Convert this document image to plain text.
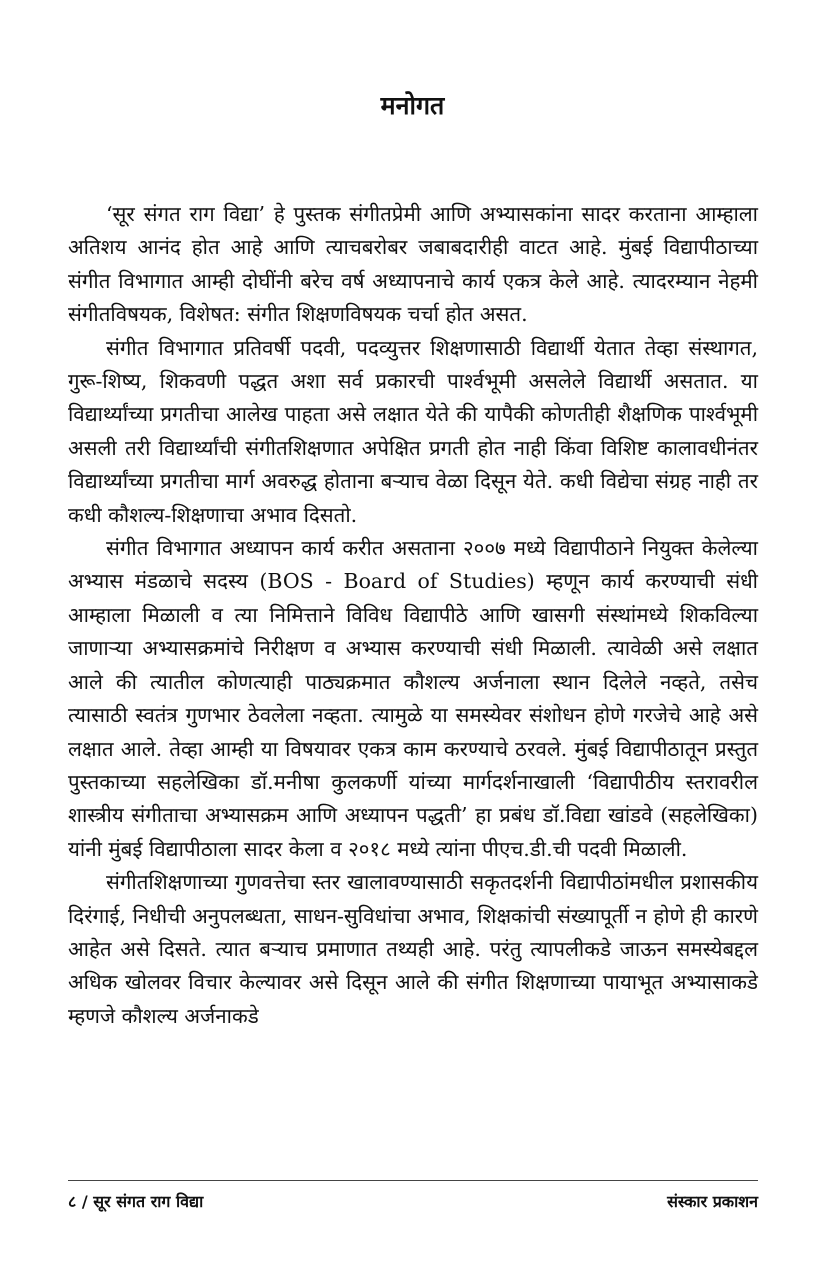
मनोगत

‘सूर संगत राग विद्या’ हे पुस्तक संगीतप्रेमी आणि अभ्यासकांना सादर करताना आम्हाला अतिशय आनंद होत आहे आणि त्याचबरोबर जबाबदारीही वाटत आहे. मुंबई विद्यापीठाच्या संगीत विभागात आम्ही दोघींनी बरेच वर्ष अध्यापनाचे कार्य एकत्र केले आहे. त्यादरम्यान नेहमी संगीतविषयक, विशेषत: संगीत शिक्षणविषयक चर्चा होत असत.

संगीत विभागात प्रतिवर्षी पदवी, पदव्युत्तर शिक्षणासाठी विद्यार्थी येतात तेव्हा संस्थागत, गुरू-शिष्य, शिकवणी पद्धत अशा सर्व प्रकारची पार्श्वभूमी असलेले विद्यार्थी असतात. या विद्यार्थ्यांच्या प्रगतीचा आलेख पाहता असे लक्षात येते की यापैकी कोणतीही शैक्षणिक पार्श्वभूमी असली तरी विद्यार्थ्यांची संगीतशिक्षणात अपेक्षित प्रगती होत नाही किंवा विशिष्ट कालावधीनंतर विद्यार्थ्यांच्या प्रगतीचा मार्ग अवरुद्ध होताना बऱ्याच वेळा दिसून येते. कधी विद्येचा संग्रह नाही तर कधी कौशल्य-शिक्षणाचा अभाव दिसतो.

संगीत विभागात अध्यापन कार्य करीत असताना २००७ मध्ये विद्यापीठाने नियुक्त केलेल्या अभ्यास मंडळाचे सदस्य (BOS - Board of Studies) म्हणून कार्य करण्याची संधी आम्हाला मिळाली व त्या निमित्ताने विविध विद्यापीठे आणि खासगी संस्थांमध्ये शिकविल्या जाणाऱ्या अभ्यासक्रमांचे निरीक्षण व अभ्यास करण्याची संधी मिळाली. त्यावेळी असे लक्षात आले की त्यातील कोणत्याही पाठ्यक्रमात कौशल्य अर्जनाला स्थान दिलेले नव्हते, तसेच त्यासाठी स्वतंत्र गुणभार ठेवलेला नव्हता. त्यामुळे या समस्येवर संशोधन होणे गरजेचे आहे असे लक्षात आले. तेव्हा आम्ही या विषयावर एकत्र काम करण्याचे ठरवले. मुंबई विद्यापीठातून प्रस्तुत पुस्तकाच्या सहलेखिका डॉ.मनीषा कुलकर्णी यांच्या मार्गदर्शनाखाली ‘विद्यापीठीय स्तरावरील शास्त्रीय संगीताचा अभ्यासक्रम आणि अध्यापन पद्धती’ हा प्रबंध डॉ.विद्या खांडवे (सहलेखिका) यांनी मुंबई विद्यापीठाला सादर केला व २०१८ मध्ये त्यांना पीएच.डी.ची पदवी मिळाली.

संगीतशिक्षणाच्या गुणवत्तेचा स्तर खालावण्यासाठी सकृतदर्शनी विद्यापीठांमधील प्रशासकीय दिरंगाई, निधीची अनुपलब्धता, साधन-सुविधांचा अभाव, शिक्षकांची संख्यापूर्ती न होणे ही कारणे आहेत असे दिसते. त्यात बऱ्याच प्रमाणात तथ्यही आहे. परंतु त्यापलीकडे जाऊन समस्येबद्दल अधिक खोलवर विचार केल्यावर असे दिसून आले की संगीत शिक्षणाच्या पायाभूत अभ्यासाकडे म्हणजे कौशल्य अर्जनाकडे

८ / सूर संगत राग विद्या	संस्कार प्रकाशन
